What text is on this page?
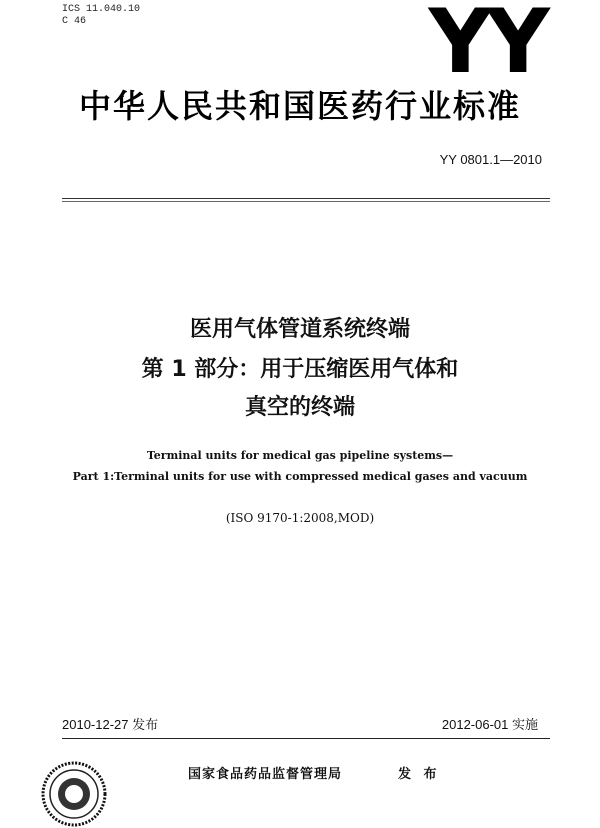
ICS 11.040.10
C 46	YY
中华人民共和国医药行业标准
YY 0801.1—2010
医用气体管道系统终端
第 1 部分：用于压缩医用气体和
真空的终端
Terminal units for medical gas pipeline systems—
Part 1:Terminal units for use with compressed medical gases and vacuum
(ISO 9170-1:2008,MOD)
2010-12-27 发布	2012-06-01 实施
国家食品药品监督管理局	发 布
